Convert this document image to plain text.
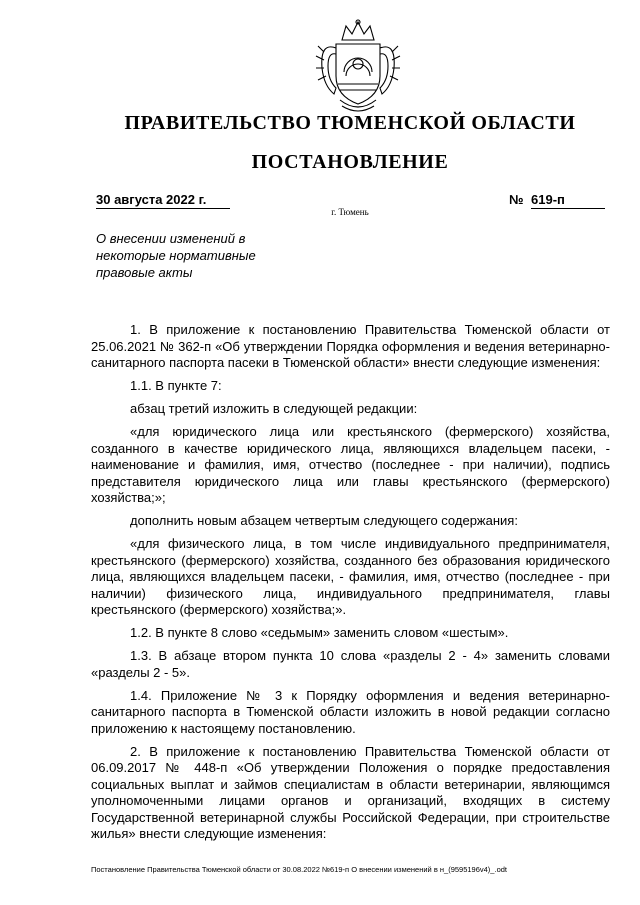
ПРАВИТЕЛЬСТВО ТЮМЕНСКОЙ ОБЛАСТИ
ПОСТАНОВЛЕНИЕ
30 августа 2022 г.	№ 619-п
г. Тюмень
О внесении изменений в некоторые нормативные правовые акты

1. В приложение к постановлению Правительства Тюменской области от 25.06.2021 № 362-п «Об утверждении Порядка оформления и ведения ветеринарно-санитарного паспорта пасеки в Тюменской области» внести следующие изменения:

1.1. В пункте 7:

абзац третий изложить в следующей редакции:

«для юридического лица или крестьянского (фермерского) хозяйства, созданного в качестве юридического лица, являющихся владельцем пасеки, - наименование и фамилия, имя, отчество (последнее - при наличии), подпись представителя юридического лица или главы крестьянского (фермерского) хозяйства;»;

дополнить новым абзацем четвертым следующего содержания:

«для физического лица, в том числе индивидуального предпринимателя, крестьянского (фермерского) хозяйства, созданного без образования юридического лица, являющихся владельцем пасеки, - фамилия, имя, отчество (последнее - при наличии) физического лица, индивидуального предпринимателя, главы крестьянского (фермерского) хозяйства;».

1.2. В пункте 8 слово «седьмым» заменить словом «шестым».

1.3. В абзаце втором пункта 10 слова «разделы 2 - 4» заменить словами «разделы 2 - 5».

1.4. Приложение № 3 к Порядку оформления и ведения ветеринарно-санитарного паспорта в Тюменской области изложить в новой редакции согласно приложению к настоящему постановлению.

2. В приложение к постановлению Правительства Тюменской области от 06.09.2017 № 448-п «Об утверждении Положения о порядке предоставления социальных выплат и займов специалистам в области ветеринарии, являющимся уполномоченными лицами органов и организаций, входящих в систему Государственной ветеринарной службы Российской Федерации, при строительстве жилья» внести следующие изменения:

Постановление Правительства Тюменской области от 30.08.2022 №619-п О внесении изменений в н_(9595196v4)_.odt
